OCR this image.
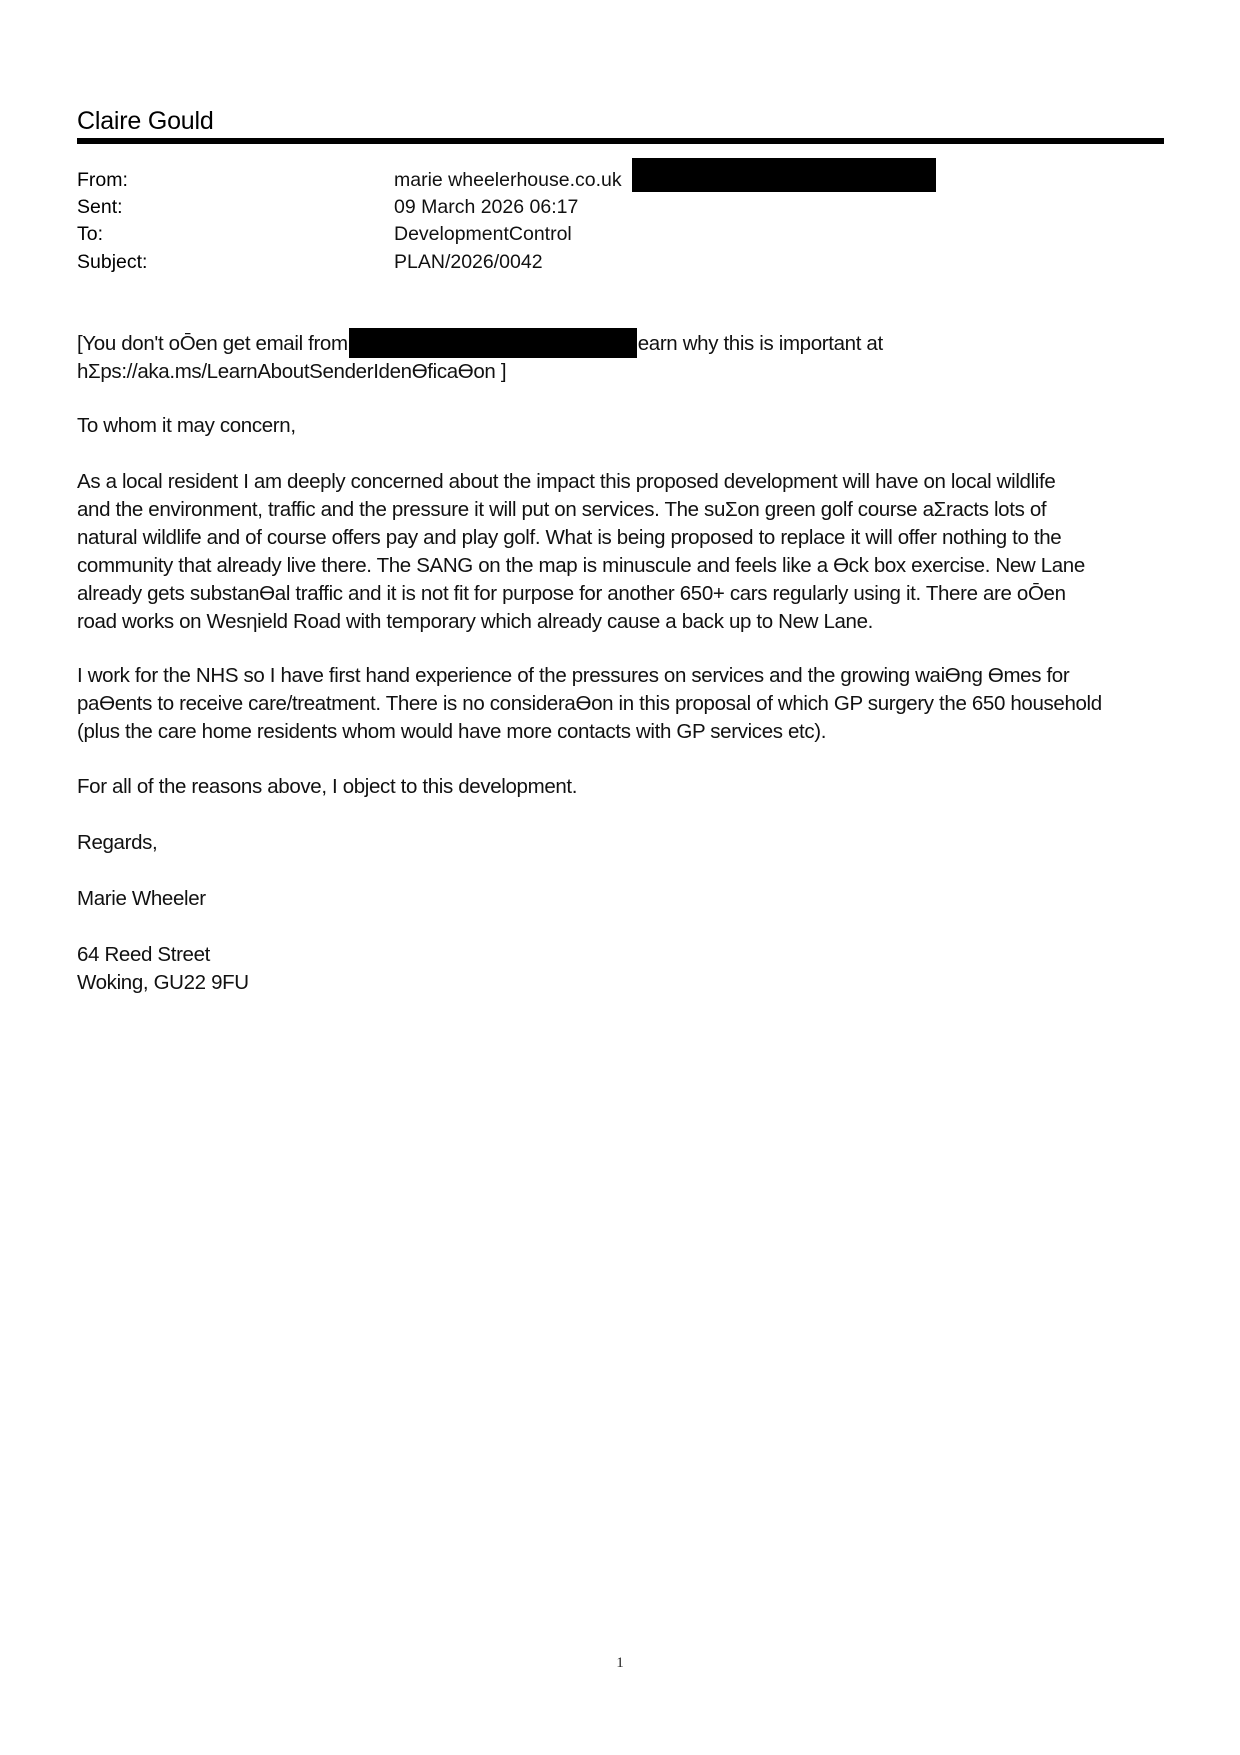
Claire Gould
From:	marie wheelerhouse.co.uk
Sent:	09 March 2026 06:17
To:	DevelopmentControl
Subject:	PLAN/2026/0042
[You don't oŌen get email from	earn why this is important at
hΣps://aka.ms/LearnAboutSenderIdenƟficaƟon ]
To whom it may concern,
As a local resident I am deeply concerned about the impact this proposed development will have on local wildlife
and the environment, traffic and the pressure it will put on services. The suΣon green golf course aΣracts lots of
natural wildlife and of course offers pay and play golf. What is being proposed to replace it will offer nothing to the
community that already live there. The SANG on the map is minuscule and feels like a Ɵck box exercise. New Lane
already gets substanƟal traffic and it is not fit for purpose for another 650+ cars regularly using it. There are oŌen
road works on Wesƞield Road with temporary which already cause a back up to New Lane.
I work for the NHS so I have first hand experience of the pressures on services and the growing waiƟng Ɵmes for
paƟents to receive care/treatment. There is no consideraƟon in this proposal of which GP surgery the 650 household
(plus the care home residents whom would have more contacts with GP services etc).
For all of the reasons above, I object to this development.
Regards,
Marie Wheeler
64 Reed Street
Woking, GU22 9FU
1
